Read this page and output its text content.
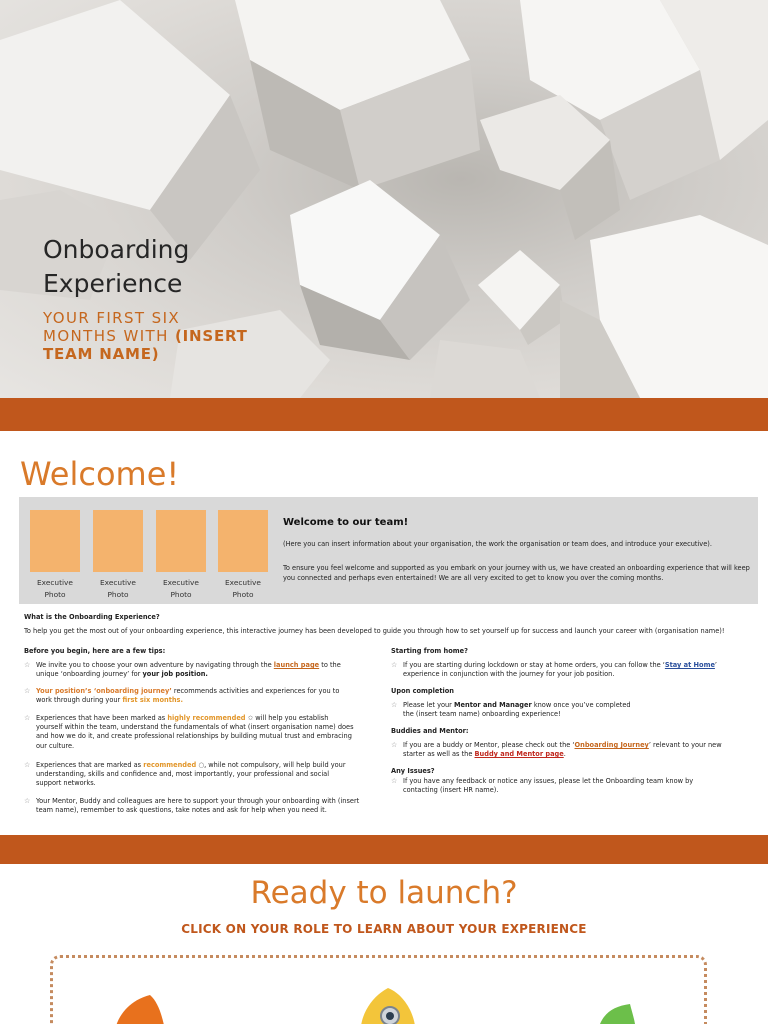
Onboarding
Experience
YOUR FIRST SIX
MONTHS WITH (INSERT
TEAM NAME)
Welcome!
Executive
Photo
Executive
Photo
Executive
Photo
Executive
Photo
Welcome to our team!
(Here you can insert information about your organisation, the work the organisation or team does, and introduce your executive).
To ensure you feel welcome and supported as you embark on your journey with us, we have created an onboarding experience that will keep you connected and perhaps even entertained! We are all very excited to get to know you over the coming months.
What is the Onboarding Experience?
To help you get the most out of your onboarding experience, this interactive journey has been developed to guide you through how to set yourself up for success and launch your career with (organisation name)!
Before you begin, here are a few tips:
☆ We invite you to choose your own adventure by navigating through the launch page to the unique ‘onboarding journey’ for your job position.
☆ Your position’s ‘onboarding journey’ recommends activities and experiences for you to work through during your first six months.
☆ Experiences that have been marked as highly recommended ✩ will help you establish yourself within the team, understand the fundamentals of what (insert organisation name) does and how we do it, and create professional relationships by building mutual trust and embracing our culture.
☆ Experiences that are marked as recommended ○, while not compulsory, will help build your understanding, skills and confidence and, most importantly, your professional and social support networks.
☆ Your Mentor, Buddy and colleagues are here to support your through your onboarding with (insert team name), remember to ask questions, take notes and ask for help when you need it.
Starting from home?
☆ If you are starting during lockdown or stay at home orders, you can follow the ‘Stay at Home’ experience in conjunction with the journey for your job position.
Upon completion
☆ Please let your Mentor and Manager know once you’ve completed the (insert team name) onboarding experience!
Buddies and Mentor:
☆ If you are a buddy or Mentor, please check out the ‘Onboarding Journey’ relevant to your new starter as well as the Buddy and Mentor page.
Any Issues?
☆ If you have any feedback or notice any issues, please let the Onboarding team know by contacting (insert HR name).
Ready to launch?
CLICK ON YOUR ROLE TO LEARN ABOUT YOUR EXPERIENCE
